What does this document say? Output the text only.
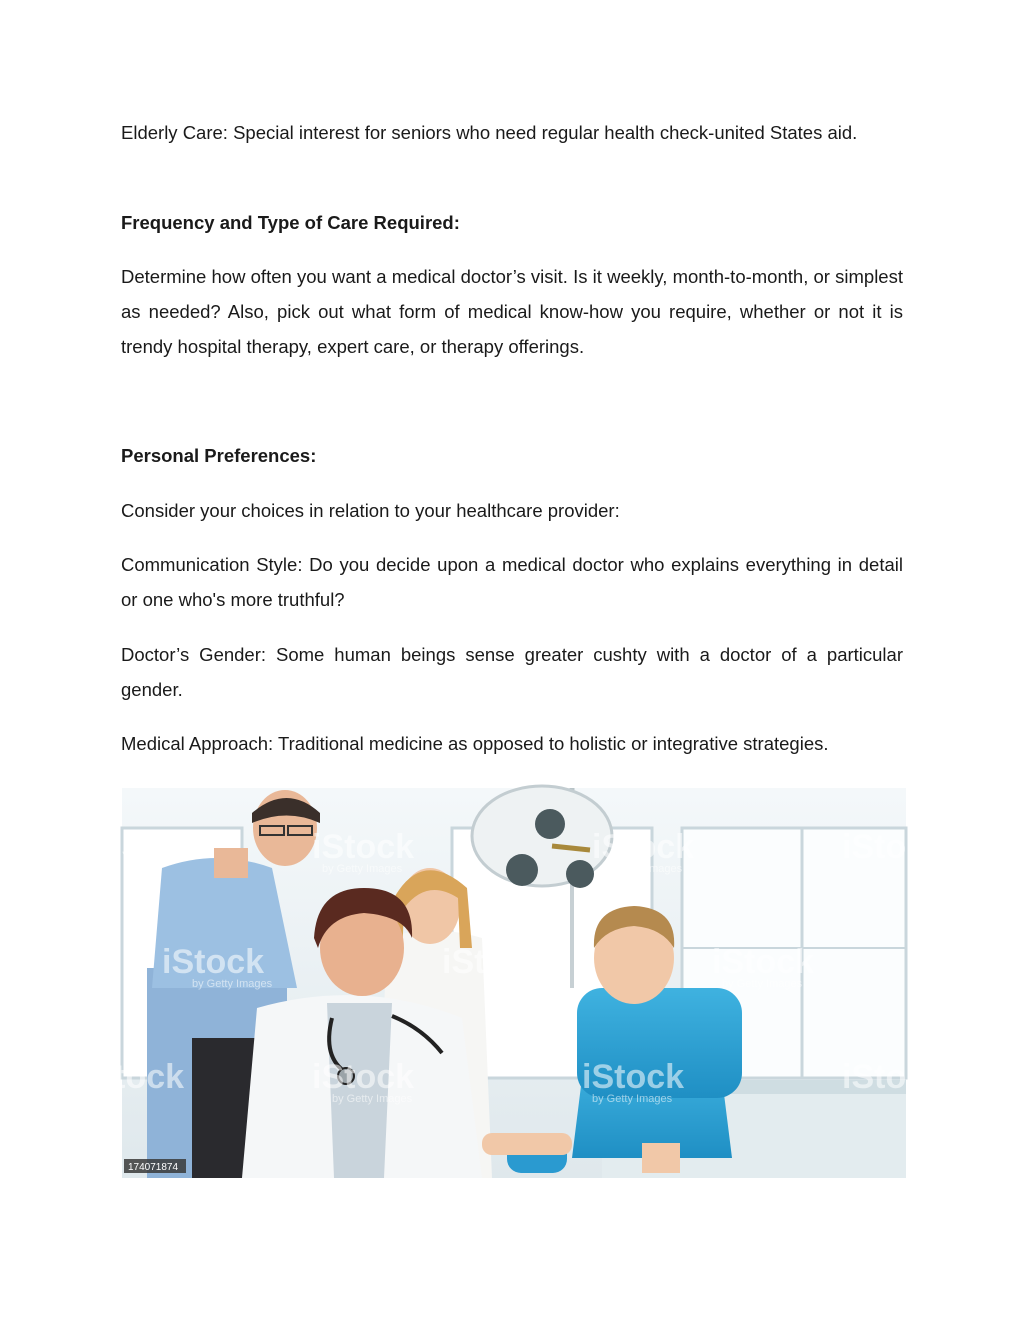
Elderly Care: Special interest for seniors who need regular health check-united States aid.

Frequency and Type of Care Required:

Determine how often you want a medical doctor’s visit. Is it weekly, month-to-month, or simplest as needed? Also, pick out what form of medical know-how you require, whether or not it is trendy hospital therapy, expert care, or therapy offerings.

Personal Preferences:

Consider your choices in relation to your healthcare provider:

Communication Style: Do you decide upon a medical doctor who explains everything in detail or one who's more truthful?

Doctor’s Gender: Some human beings sense greater cushty with a doctor of a particular gender.

Medical Approach: Traditional medicine as opposed to holistic or integrative strategies.

iStock	iStock	iStock	iStock
by Getty Images	by Getty Images
iStock	iStock	iStock
by Getty Images	by Getty Images
iStock	iStock	iStock	iStock
by Getty Images	by Getty Images
174071874
